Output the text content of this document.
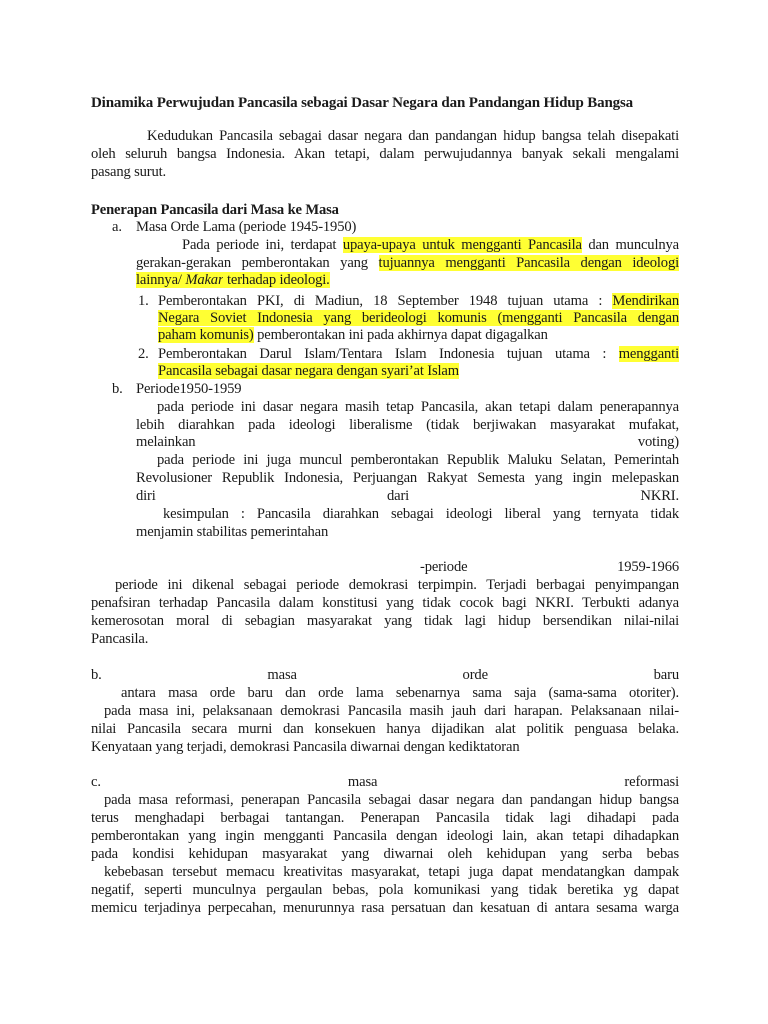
Dinamika Perwujudan Pancasila sebagai Dasar Negara dan Pandangan Hidup Bangsa
Kedudukan Pancasila sebagai dasar negara dan pandangan hidup bangsa telah disepakati
oleh seluruh bangsa Indonesia. Akan tetapi, dalam perwujudannya banyak sekali mengalami
pasang surut.
Penerapan Pancasila dari Masa ke Masa
a. Masa Orde Lama (periode 1945-1950)
Pada periode ini, terdapat upaya-upaya untuk mengganti Pancasila dan munculnya
gerakan-gerakan pemberontakan yang tujuannya mengganti Pancasila dengan ideologi
lainnya/ Makar terhadap ideologi.
1. Pemberontakan PKI, di Madiun, 18 September 1948 tujuan utama : Mendirikan
Negara Soviet Indonesia yang berideologi komunis (mengganti Pancasila dengan
paham komunis) pemberontakan ini pada akhirnya dapat digagalkan
2. Pemberontakan Darul Islam/Tentara Islam Indonesia tujuan utama : mengganti
Pancasila sebagai dasar negara dengan syari’at Islam
b. Periode1950-1959
pada periode ini dasar negara masih tetap Pancasila, akan tetapi dalam penerapannya
lebih diarahkan pada ideologi liberalisme (tidak berjiwakan masyarakat mufakat,
melainkan voting)
pada periode ini juga muncul pemberontakan Republik Maluku Selatan, Pemerintah
Revolusioner Republik Indonesia, Perjuangan Rakyat Semesta yang ingin melepaskan
diri dari NKRI.
kesimpulan : Pancasila diarahkan sebagai ideologi liberal yang ternyata tidak
menjamin stabilitas pemerintahan
-periode 1959-1966
periode ini dikenal sebagai periode demokrasi terpimpin. Terjadi berbagai penyimpangan
penafsiran terhadap Pancasila dalam konstitusi yang tidak cocok bagi NKRI. Terbukti adanya
kemerosotan moral di sebagian masyarakat yang tidak lagi hidup bersendikan nilai-nilai
Pancasila.
b. masa orde baru
antara masa orde baru dan orde lama sebenarnya sama saja (sama-sama otoriter).
pada masa ini, pelaksanaan demokrasi Pancasila masih jauh dari harapan. Pelaksanaan nilai-
nilai Pancasila secara murni dan konsekuen hanya dijadikan alat politik penguasa belaka.
Kenyataan yang terjadi, demokrasi Pancasila diwarnai dengan kediktatoran
c. masa reformasi
pada masa reformasi, penerapan Pancasila sebagai dasar negara dan pandangan hidup bangsa
terus menghadapi berbagai tantangan. Penerapan Pancasila tidak lagi dihadapi pada
pemberontakan yang ingin mengganti Pancasila dengan ideologi lain, akan tetapi dihadapkan
pada kondisi kehidupan masyarakat yang diwarnai oleh kehidupan yang serba bebas
kebebasan tersebut memacu kreativitas masyarakat, tetapi juga dapat mendatangkan dampak
negatif, seperti munculnya pergaulan bebas, pola komunikasi yang tidak beretika yg dapat
memicu terjadinya perpecahan, menurunnya rasa persatuan dan kesatuan di antara sesama warga
